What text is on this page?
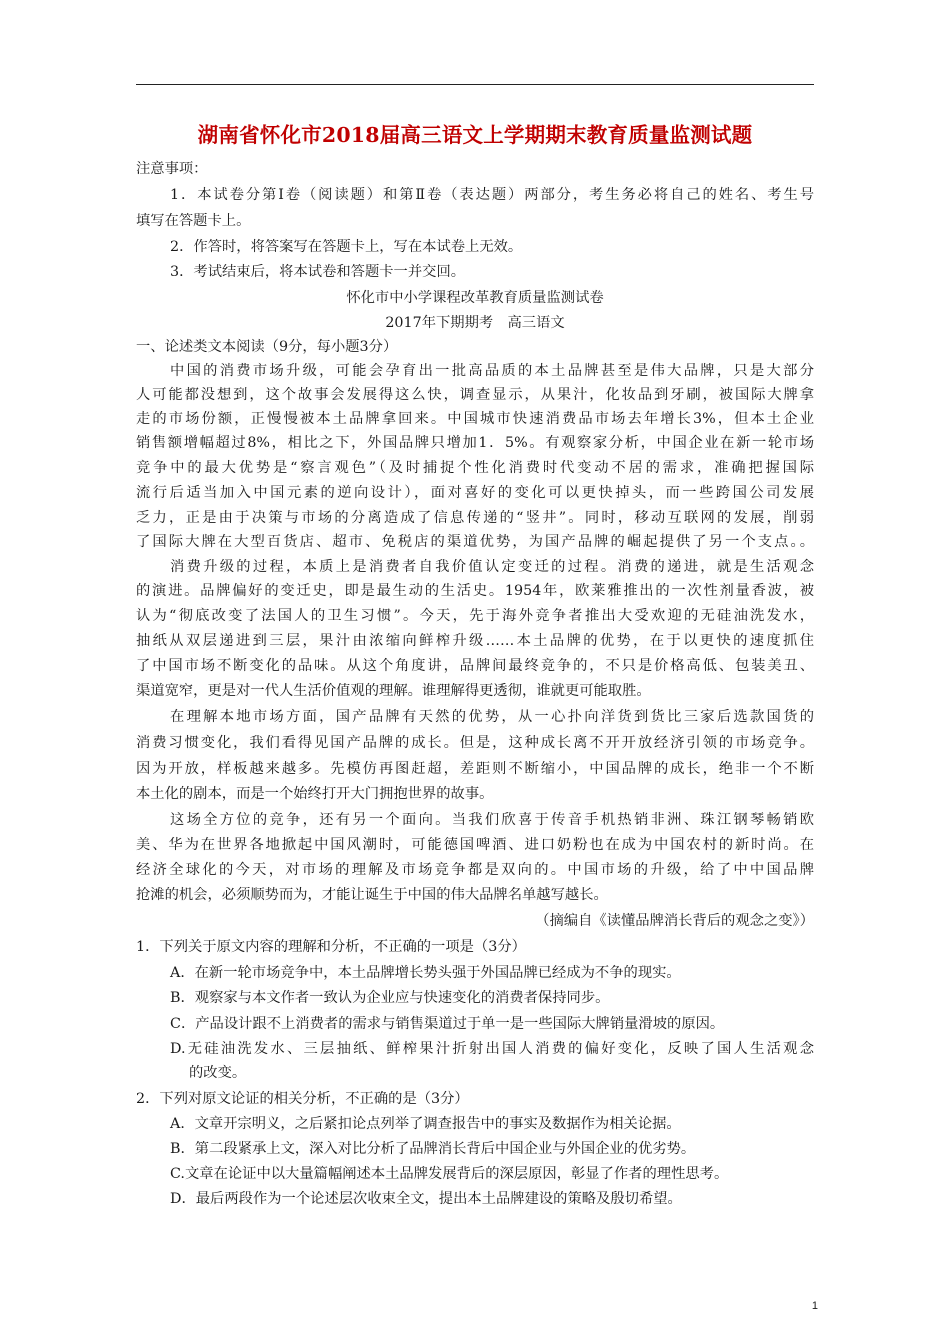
湖南省怀化市2018届高三语文上学期期末教育质量监测试题
注意事项：
1．本试卷分第Ⅰ卷（阅读题）和第Ⅱ卷（表达题）两部分，考生务必将自己的姓名、考生号
填写在答题卡上。
2．作答时，将答案写在答题卡上，写在本试卷上无效。
3．考试结束后，将本试卷和答题卡一并交回。
怀化市中小学课程改革教育质量监测试卷
2017年下期期考　高三语文
一、论述类文本阅读（9分，每小题3分）
中国的消费市场升级，可能会孕育出一批高品质的本土品牌甚至是伟大品牌，只是大部分
人可能都没想到，这个故事会发展得这么快，调查显示，从果汁，化妆品到牙刷，被国际大牌拿
走的市场份额，正慢慢被本土品牌拿回来。中国城市快速消费品市场去年增长3%，但本土企业
销售额增幅超过8%，相比之下，外国品牌只增加1．5%。有观察家分析，中国企业在新一轮市场
竞争中的最大优势是“察言观色”（及时捕捉个性化消费时代变动不居的需求，准确把握国际
流行后适当加入中国元素的逆向设计），面对喜好的变化可以更快掉头，而一些跨国公司发展
乏力，正是由于决策与市场的分离造成了信息传递的“竖井”。同时，移动互联网的发展，削弱
了国际大牌在大型百货店、超市、免税店的渠道优势，为国产品牌的崛起提供了另一个支点。。
消费升级的过程，本质上是消费者自我价值认定变迁的过程。消费的递进，就是生活观念
的演进。品牌偏好的变迁史，即是最生动的生活史。1954年，欧莱雅推出的一次性剂量香波，被
认为“彻底改变了法国人的卫生习惯”。今天，先于海外竞争者推出大受欢迎的无硅油洗发水，
抽纸从双层递进到三层，果汁由浓缩向鲜榨升级……本土品牌的优势，在于以更快的速度抓住
了中国市场不断变化的品味。从这个角度讲，品牌间最终竞争的，不只是价格高低、包装美丑、
渠道宽窄，更是对一代人生活价值观的理解。谁理解得更透彻，谁就更可能取胜。
在理解本地市场方面，国产品牌有天然的优势，从一心扑向洋货到货比三家后选款国货的
消费习惯变化，我们看得见国产品牌的成长。但是，这种成长离不开开放经济引领的市场竞争。
因为开放，样板越来越多。先模仿再图赶超，差距则不断缩小，中国品牌的成长，绝非一个不断
本土化的剧本，而是一个始终打开大门拥抱世界的故事。
这场全方位的竞争，还有另一个面向。当我们欣喜于传音手机热销非洲、珠江钢琴畅销欧
美、华为在世界各地掀起中国风潮时，可能德国啤酒、进口奶粉也在成为中国农村的新时尚。在
经济全球化的今天，对市场的理解及市场竞争都是双向的。中国市场的升级，给了中中国品牌
抢滩的机会，必须顺势而为，才能让诞生于中国的伟大品牌名单越写越长。
（摘编自《读懂品牌消长背后的观念之变》）
1．下列关于原文内容的理解和分析，不正确的一项是（3分）
A．在新一轮市场竞争中，本土品牌增长势头强于外国品牌已经成为不争的现实。
B．观察家与本文作者一致认为企业应与快速变化的消费者保持同步。
C．产品设计跟不上消费者的需求与销售渠道过于单一是一些国际大牌销量滑坡的原因。
D.无硅油洗发水、三层抽纸、鲜榨果汁折射出国人消费的偏好变化，反映了国人生活观念
的改变。
2．下列对原文论证的相关分析，不正确的是（3分）
A．文章开宗明义，之后紧扣论点列举了调查报告中的事实及数据作为相关论据。
B．第二段紧承上文，深入对比分析了品牌消长背后中国企业与外国企业的优劣势。
C.文章在论证中以大量篇幅阐述本土品牌发展背后的深层原因，彰显了作者的理性思考。
D．最后两段作为一个论述层次收束全文，提出本土品牌建设的策略及殷切希望。
1
